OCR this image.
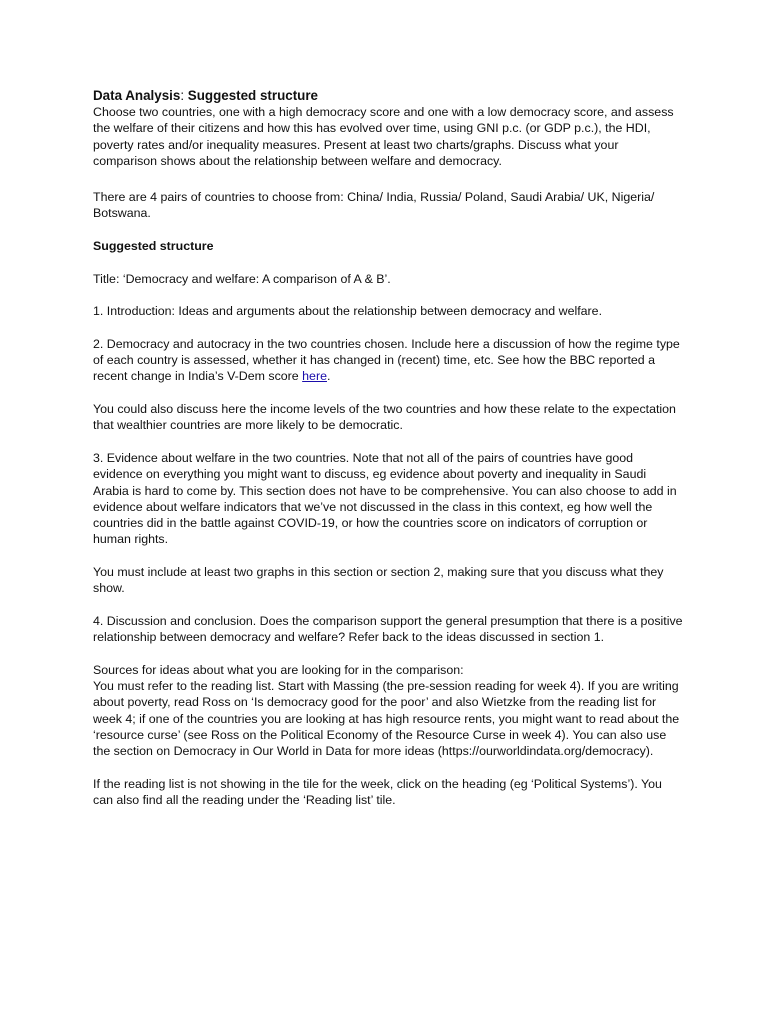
Data Analysis: Suggested structure

Choose two countries, one with a high democracy score and one with a low democracy score, and assess the welfare of their citizens and how this has evolved over time, using GNI p.c. (or GDP p.c.), the HDI, poverty rates and/or inequality measures. Present at least two charts/graphs. Discuss what your comparison shows about the relationship between welfare and democracy.

There are 4 pairs of countries to choose from: China/ India, Russia/ Poland, Saudi Arabia/ UK, Nigeria/ Botswana.

Suggested structure

Title: ‘Democracy and welfare: A comparison of A & B’.

1. Introduction: Ideas and arguments about the relationship between democracy and welfare.

2. Democracy and autocracy in the two countries chosen. Include here a discussion of how the regime type of each country is assessed, whether it has changed in (recent) time, etc. See how the BBC reported a recent change in India’s V-Dem score here.

You could also discuss here the income levels of the two countries and how these relate to the expectation that wealthier countries are more likely to be democratic.

3. Evidence about welfare in the two countries. Note that not all of the pairs of countries have good evidence on everything you might want to discuss, eg evidence about poverty and inequality in Saudi Arabia is hard to come by. This section does not have to be comprehensive. You can also choose to add in evidence about welfare indicators that we’ve not discussed in the class in this context, eg how well the countries did in the battle against COVID-19, or how the countries score on indicators of corruption or human rights.

You must include at least two graphs in this section or section 2, making sure that you discuss what they show.

4. Discussion and conclusion. Does the comparison support the general presumption that there is a positive relationship between democracy and welfare? Refer back to the ideas discussed in section 1.

Sources for ideas about what you are looking for in the comparison:
You must refer to the reading list. Start with Massing (the pre-session reading for week 4). If you are writing about poverty, read Ross on ‘Is democracy good for the poor’ and also Wietzke from the reading list for week 4; if one of the countries you are looking at has high resource rents, you might want to read about the ‘resource curse’ (see Ross on the Political Economy of the Resource Curse in week 4). You can also use the section on Democracy in Our World in Data for more ideas (https://ourworldindata.org/democracy).

If the reading list is not showing in the tile for the week, click on the heading (eg ‘Political Systems’). You can also find all the reading under the ‘Reading list’ tile.
